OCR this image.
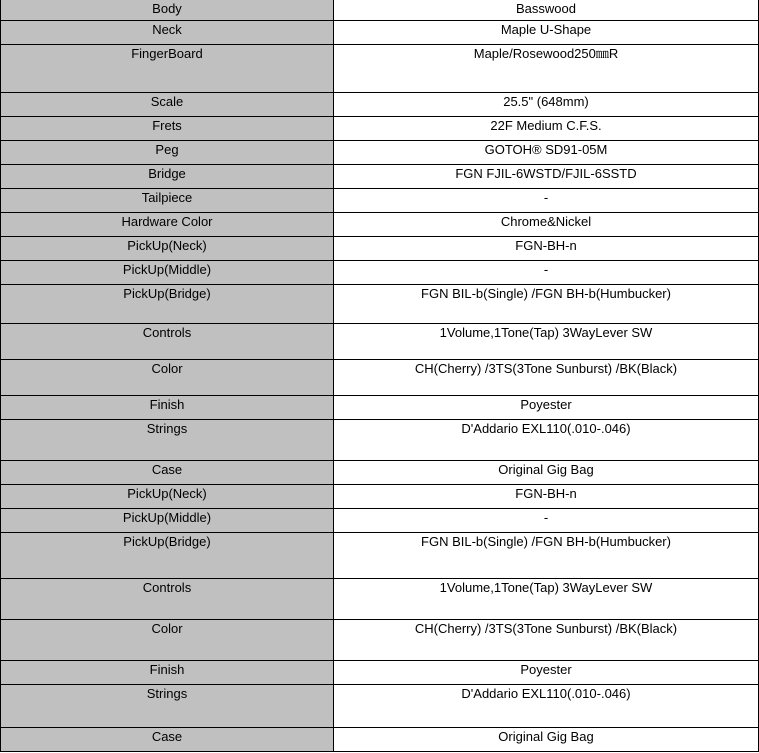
Body	Basswood
Neck	Maple U-Shape
FingerBoard	Maple/Rosewood250㎜R
Scale	25.5" (648mm)
Frets	22F Medium C.F.S.
Peg	GOTOH® SD91-05M
Bridge	FGN FJIL-6WSTD/FJIL-6SSTD
Tailpiece	-
Hardware Color	Chrome&Nickel
PickUp(Neck)	FGN-BH-n
PickUp(Middle)	-
PickUp(Bridge)	FGN BIL-b(Single) /FGN BH-b(Humbucker)
Controls	1Volume,1Tone(Tap) 3WayLever SW
Color	CH(Cherry) /3TS(3Tone Sunburst) /BK(Black)
Finish	Poyester
Strings	D'Addario EXL110(.010-.046)
Case	Original Gig Bag
PickUp(Neck)	FGN-BH-n
PickUp(Middle)	-
PickUp(Bridge)	FGN BIL-b(Single) /FGN BH-b(Humbucker)
Controls	1Volume,1Tone(Tap) 3WayLever SW
Color	CH(Cherry) /3TS(3Tone Sunburst) /BK(Black)
Finish	Poyester
Strings	D'Addario EXL110(.010-.046)
Case	Original Gig Bag
